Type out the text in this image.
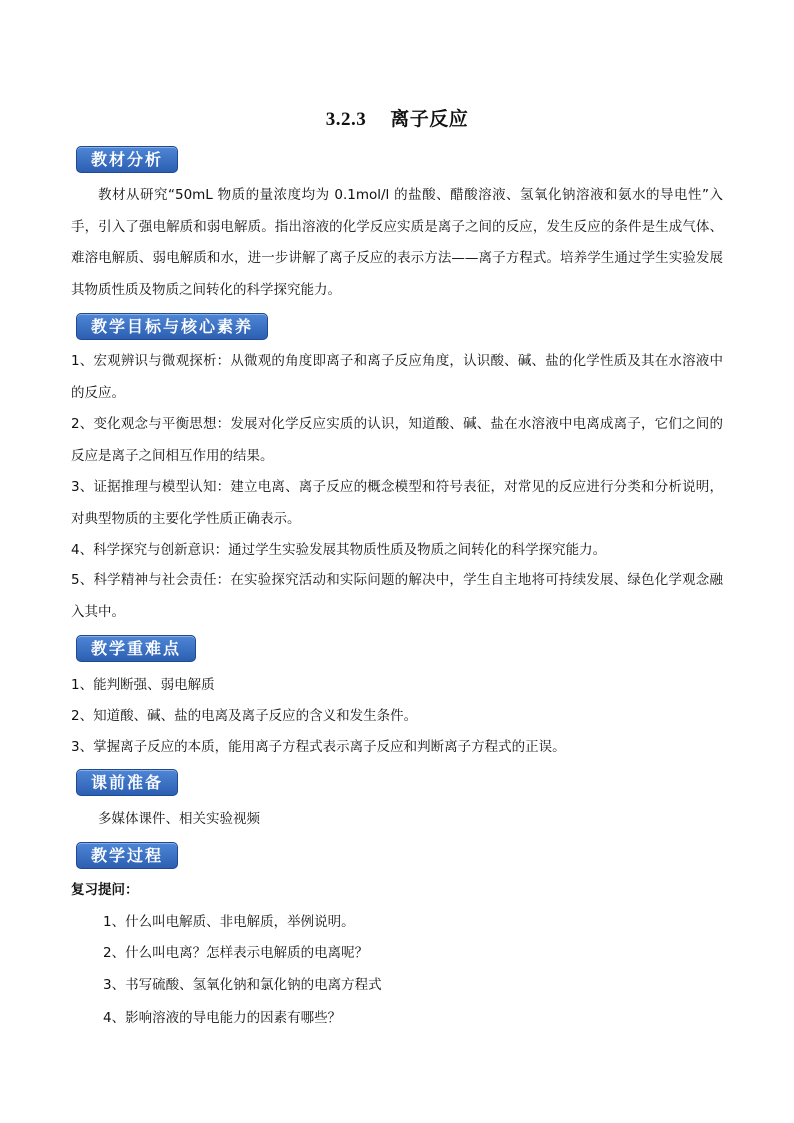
3.2.3 离子反应
教材分析

教材从研究“50mL 物质的量浓度均为 0.1mol/l 的盐酸、醋酸溶液、氢氧化钠溶液和氨水的导电性”入手，引入了强电解质和弱电解质。指出溶液的化学反应实质是离子之间的反应，发生反应的条件是生成气体、难溶电解质、弱电解质和水，进一步讲解了离子反应的表示方法——离子方程式。培养学生通过学生实验发展其物质性质及物质之间转化的科学探究能力。

教学目标与核心素养

1、宏观辨识与微观探析：从微观的角度即离子和离子反应角度，认识酸、碱、盐的化学性质及其在水溶液中的反应。

2、变化观念与平衡思想：发展对化学反应实质的认识，知道酸、碱、盐在水溶液中电离成离子，它们之间的反应是离子之间相互作用的结果。

3、证据推理与模型认知：建立电离、离子反应的概念模型和符号表征，对常见的反应进行分类和分析说明，对典型物质的主要化学性质正确表示。

4、科学探究与创新意识：通过学生实验发展其物质性质及物质之间转化的科学探究能力。

5、科学精神与社会责任：在实验探究活动和实际问题的解决中，学生自主地将可持续发展、绿色化学观念融入其中。

教学重难点

1、能判断强、弱电解质

2、知道酸、碱、盐的电离及离子反应的含义和发生条件。

3、掌握离子反应的本质，能用离子方程式表示离子反应和判断离子方程式的正误。

课前准备

多媒体课件、相关实验视频

教学过程

复习提问：

1、什么叫电解质、非电解质，举例说明。

2、什么叫电离？怎样表示电解质的电离呢？

3、书写硫酸、氢氧化钠和氯化钠的电离方程式

4、影响溶液的导电能力的因素有哪些？
